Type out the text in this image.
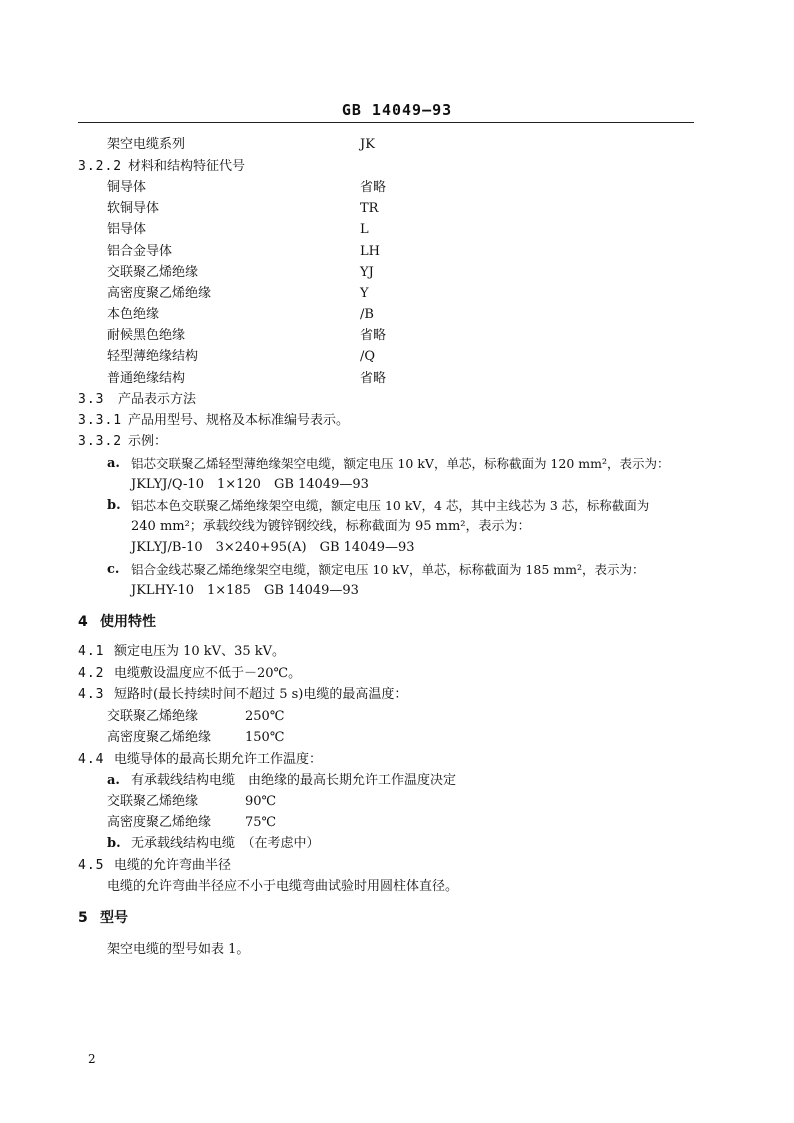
GB 14049—93
架空电缆系列	JK
3.2.2 材料和结构特征代号
铜导体	省略
软铜导体	TR
铝导体	L
铝合金导体	LH
交联聚乙烯绝缘	YJ
高密度聚乙烯绝缘	Y
本色绝缘	/B
耐候黑色绝缘	省略
轻型薄绝缘结构	/Q
普通绝缘结构	省略
3.3 产品表示方法
3.3.1 产品用型号、规格及本标准编号表示。
3.3.2 示例：
a. 铝芯交联聚乙烯轻型薄绝缘架空电缆，额定电压 10 kV，单芯，标称截面为 120 mm²，表示为：
JKLYJ/Q-10　1×120　GB 14049—93
b. 铝芯本色交联聚乙烯绝缘架空电缆，额定电压 10 kV，4 芯，其中主线芯为 3 芯，标称截面为
240 mm²；承载绞线为镀锌钢绞线，标称截面为 95 mm²，表示为：
JKLYJ/B-10　3×240+95(A)　GB 14049—93
c. 铝合金线芯聚乙烯绝缘架空电缆，额定电压 10 kV，单芯，标称截面为 185 mm²，表示为：
JKLHY-10　1×185　GB 14049—93
4 使用特性
4.1 额定电压为 10 kV、35 kV。
4.2 电缆敷设温度应不低于－20℃。
4.3 短路时(最长持续时间不超过 5 s)电缆的最高温度：
交联聚乙烯绝缘	250℃
高密度聚乙烯绝缘	150℃
4.4 电缆导体的最高长期允许工作温度：
a. 有承载线结构电缆　由绝缘的最高长期允许工作温度决定
交联聚乙烯绝缘	90℃
高密度聚乙烯绝缘	75℃
b. 无承载线结构电缆　（在考虑中）
4.5 电缆的允许弯曲半径
电缆的允许弯曲半径应不小于电缆弯曲试验时用圆柱体直径。
5 型号
架空电缆的型号如表 1。
2
